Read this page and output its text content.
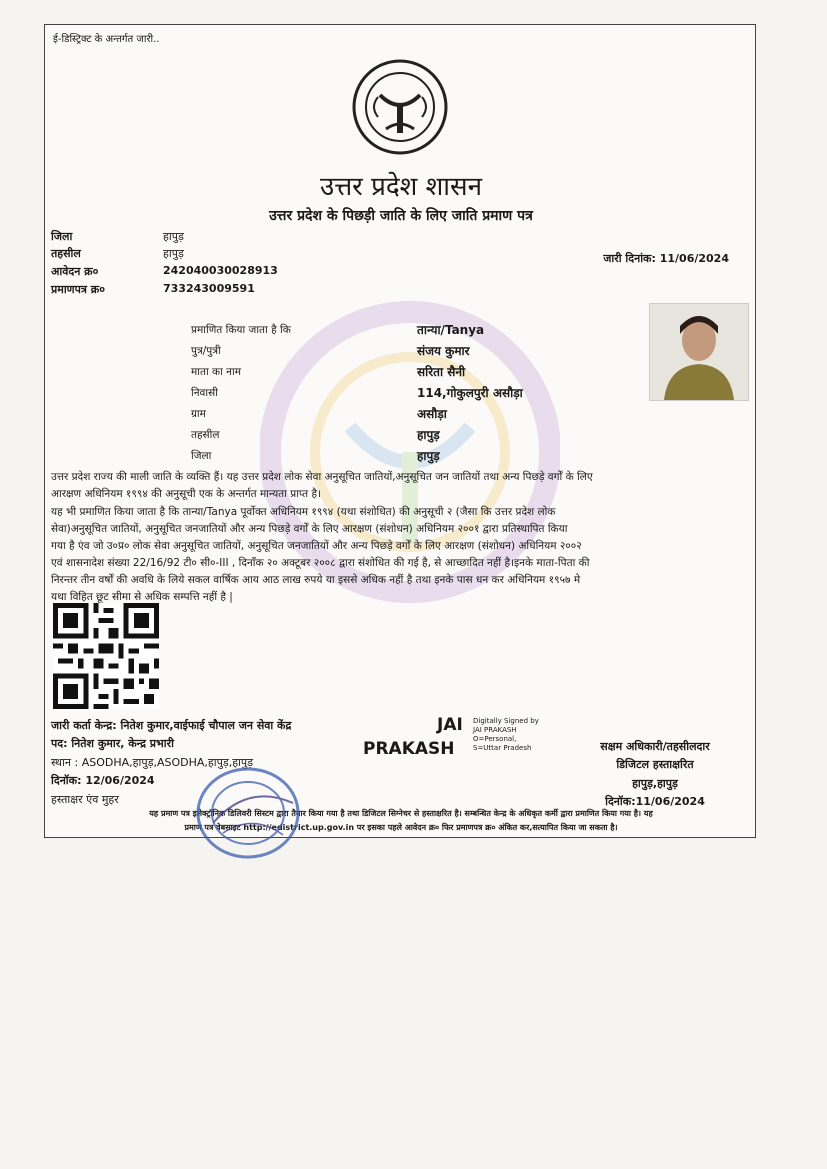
ई-डिस्ट्रिक्ट के अन्तर्गत जारी..
उत्तर प्रदेश शासन
उत्तर प्रदेश के पिछड़ी जाति के लिए जाति प्रमाण पत्र
जिला	हापुड़
तहसील	हापुड़
आवेदन क्र०	242040030028913
प्रमाणपत्र क्र०	733243009591
जारी दिनांक: 11/06/2024
प्रमाणित किया जाता है कि	तान्या/Tanya
पुत्र/पुत्री	संजय कुमार
माता का नाम	सरिता सैनी
निवासी	114,गोकुलपुरी असौड़ा
ग्राम	असौड़ा
तहसील	हापुड़
जिला	हापुड़
उत्तर प्रदेश राज्य की माली जाति के व्यक्ति हैं। यह उत्तर प्रदेश लोक सेवा अनुसूचित जातियों,अनुसूचित जन जातियों तथा अन्य पिछड़े वर्गों के लिए
आरक्षण अधिनियम १९९४ की अनुसूची एक के अन्तर्गत मान्यता प्राप्त है।
यह भी प्रमाणित किया जाता है कि तान्या/Tanya पूर्वोक्त अधिनियम १९९४ (यथा संशोधित) की अनुसूची २ (जैसा कि उत्तर प्रदेश लोक
सेवा)अनुसूचित जातियों, अनुसूचित जनजातियों और अन्य पिछड़े वर्गों के लिए आरक्षण (संशोधन) अधिनियम २००१ द्वारा प्रतिस्थापित किया
गया है एंव जो उ०प्र० लोक सेवा अनुसूचित जातियों, अनुसूचित जनजातियों और अन्य पिछड़े वर्गों के लिए आरक्षण (संशोधन) अधिनियम २००२
एवं शासनादेश संख्या 22/16/92 टी० सी०-III , दिनाँक २० अक्टूबर २००८ द्वारा संशोधित की गई है, से आच्छादित नहीं है।इनके माता-पिता की
निरन्तर तीन वर्षों की अवधि के लिये सकल वार्षिक आय आठ लाख रुपये या इससे अधिक नहीं है तथा इनके पास धन कर अधिनियम १९५७ मे
यथा विहित छूट सीमा से अधिक सम्पत्ति नहीं है |
जारी कर्ता केन्द्र: नितेश कुमार,वाईफाई चौपाल जन सेवा केंद्र
पद: नितेश कुमार, केन्द्र प्रभारी
स्थान : ASODHA,हापुड़,ASODHA,हापुड़,हापुड़
दिनॉक: 12/06/2024
हस्ताक्षर एंव मुहर
JAI
PRAKASH
Digitally Signed by
JAI PRAKASH
O=Personal,
S=Uttar Pradesh	सक्षम अधिकारी/तहसीलदार
डिजिटल हस्ताक्षरित
हापुड़,हापुड़
दिनॉक:11/06/2024
यह प्रमाण पत्र इलेक्ट्रॉनिक डिलिवरी सिस्टम द्वारा तैयार किया गया है तथा डिजिटल सिग्नेचर से हस्ताक्षरित है। सम्बन्धित केन्द्र के अधिकृत कर्मी द्वारा प्रमाणित किया गया है। यह
प्रमाण पत्र वेबसाइट http://edistrict.up.gov.in पर इसका पहले आवेदन क्र० फिर प्रमाणपत्र क्र० अंकित कर,सत्यापित किया जा सकता है।
